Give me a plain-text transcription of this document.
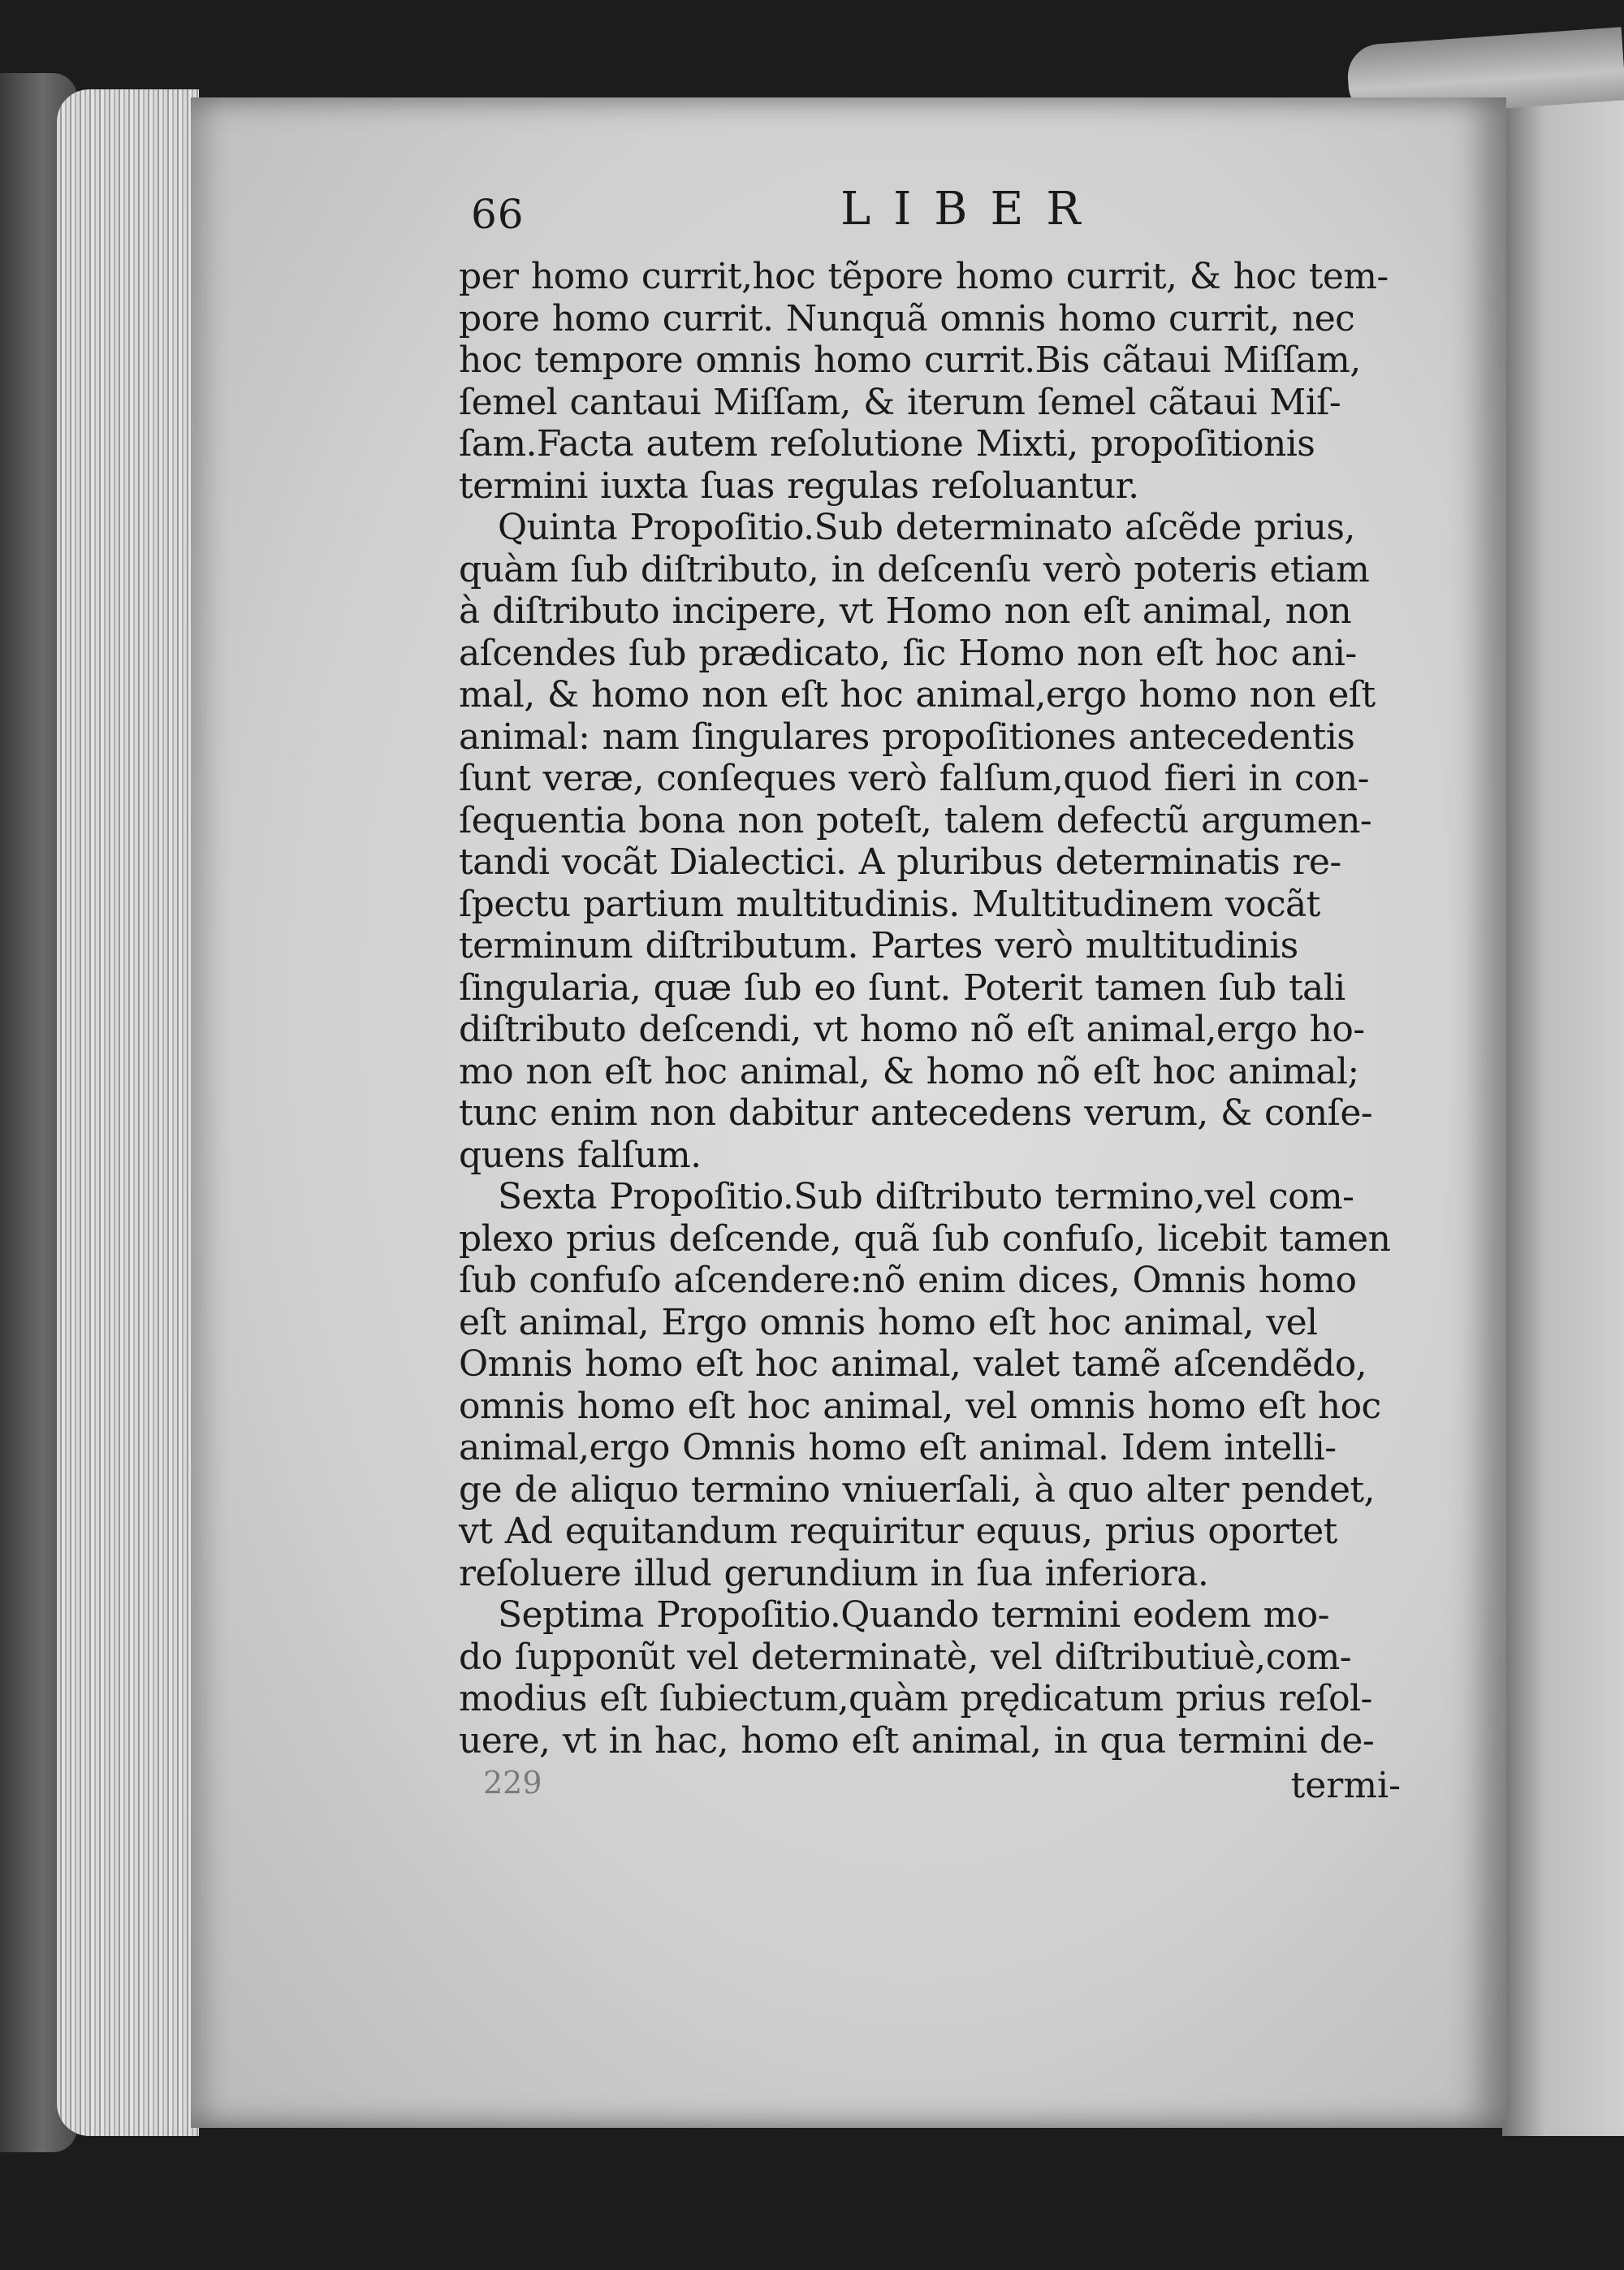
66	LIBER
per homo currit,hoc tẽpore homo currit, & hoc tem-
pore homo currit. Nunquã omnis homo currit, nec
hoc tempore omnis homo currit.Bis cãtaui Miſſam,
ſemel cantaui Miſſam, & iterum ſemel cãtaui Miſ-
ſam.Facta autem reſolutione Mixti, propoſitionis
termini iuxta ſuas regulas reſoluantur.
Quinta Propoſitio.Sub determinato aſcẽde prius,
quàm ſub diſtributo, in deſcenſu verò poteris etiam
à diſtributo incipere, vt Homo non eſt animal, non
aſcendes ſub prædicato, ſic Homo non eſt hoc ani-
mal, & homo non eſt hoc animal,ergo homo non eſt
animal: nam ſingulares propoſitiones antecedentis
ſunt veræ, conſeques verò falſum,quod fieri in con-
ſequentia bona non poteſt, talem defectũ argumen-
tandi vocãt Dialectici. A pluribus determinatis re-
ſpectu partium multitudinis. Multitudinem vocãt
terminum diſtributum. Partes verò multitudinis
ſingularia, quæ ſub eo ſunt. Poterit tamen ſub tali
diſtributo deſcendi, vt homo nõ eſt animal,ergo ho-
mo non eſt hoc animal, & homo nõ eſt hoc animal;
tunc enim non dabitur antecedens verum, & conſe-
quens falſum.
Sexta Propoſitio.Sub diſtributo termino,vel com-
plexo prius deſcende, quã ſub confuſo, licebit tamen
ſub confuſo aſcendere:nõ enim dices, Omnis homo
eſt animal, Ergo omnis homo eſt hoc animal, vel
Omnis homo eſt hoc animal, valet tamẽ aſcendẽdo,
omnis homo eſt hoc animal, vel omnis homo eſt hoc
animal,ergo Omnis homo eſt animal. Idem intelli-
ge de aliquo termino vniuerſali, à quo alter pendet,
vt Ad equitandum requiritur equus, prius oportet
reſoluere illud gerundium in ſua inferiora.
Septima Propoſitio.Quando termini eodem mo-
do ſupponũt vel determinatè, vel diſtributiuè,com-
modius eſt ſubiectum,quàm prędicatum prius reſol-
uere, vt in hac, homo eſt animal, in qua termini de-
229	termi-
